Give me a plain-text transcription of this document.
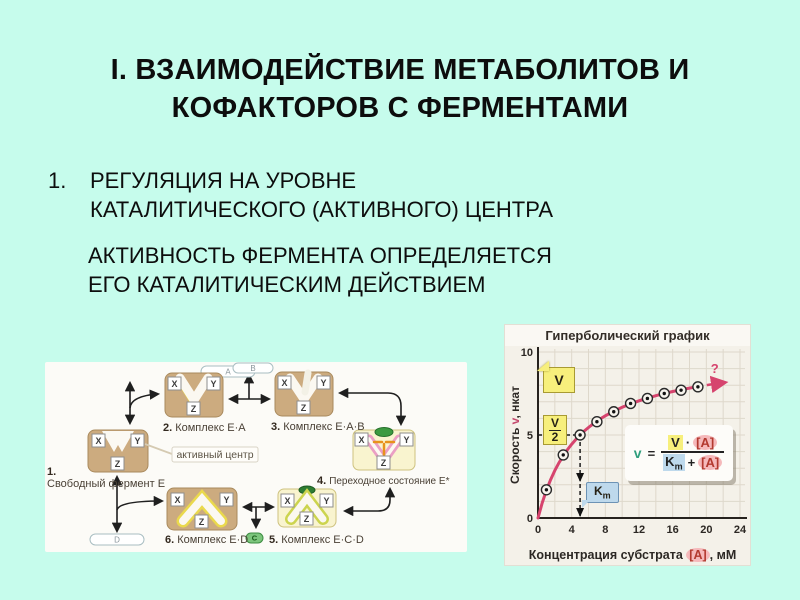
I. ВЗАИМОДЕЙСТВИЕ МЕТАБОЛИТОВ И КОФАКТОРОВ С ФЕРМЕНТАМИ
1.	РЕГУЛЯЦИЯ НА УРОВНЕ КАТАЛИТИЧЕСКОГО (АКТИВНОГО) ЦЕНТРА
АКТИВНОСТЬ ФЕРМЕНТА ОПРЕДЕЛЯЕТСЯ ЕГО КАТАЛИТИЧЕСКИМ ДЕЙСТВИЕМ
A B
D	C
X	Y
Z
X	Y
Z
X	Y
Z
X	Y
Z
X	Y
Z
X	Y
Z
активный центр
1.
Свободный фермент Е
2. Комплекс Е·А 3. Комплекс Е·А·В
4. Переходное состояние Е*
5. Комплекс Е·С·D
6. Комплекс E·D
Гиперболический график
0	4	8 12 16 20 24
0
5
10
?
V
$\frac{V}{2}$
$K_m$
$v = \frac{V \cdot [A]}{K_m + [A]}$
Концентрация субстрата [A] , мМ
Скорость v, нкат
